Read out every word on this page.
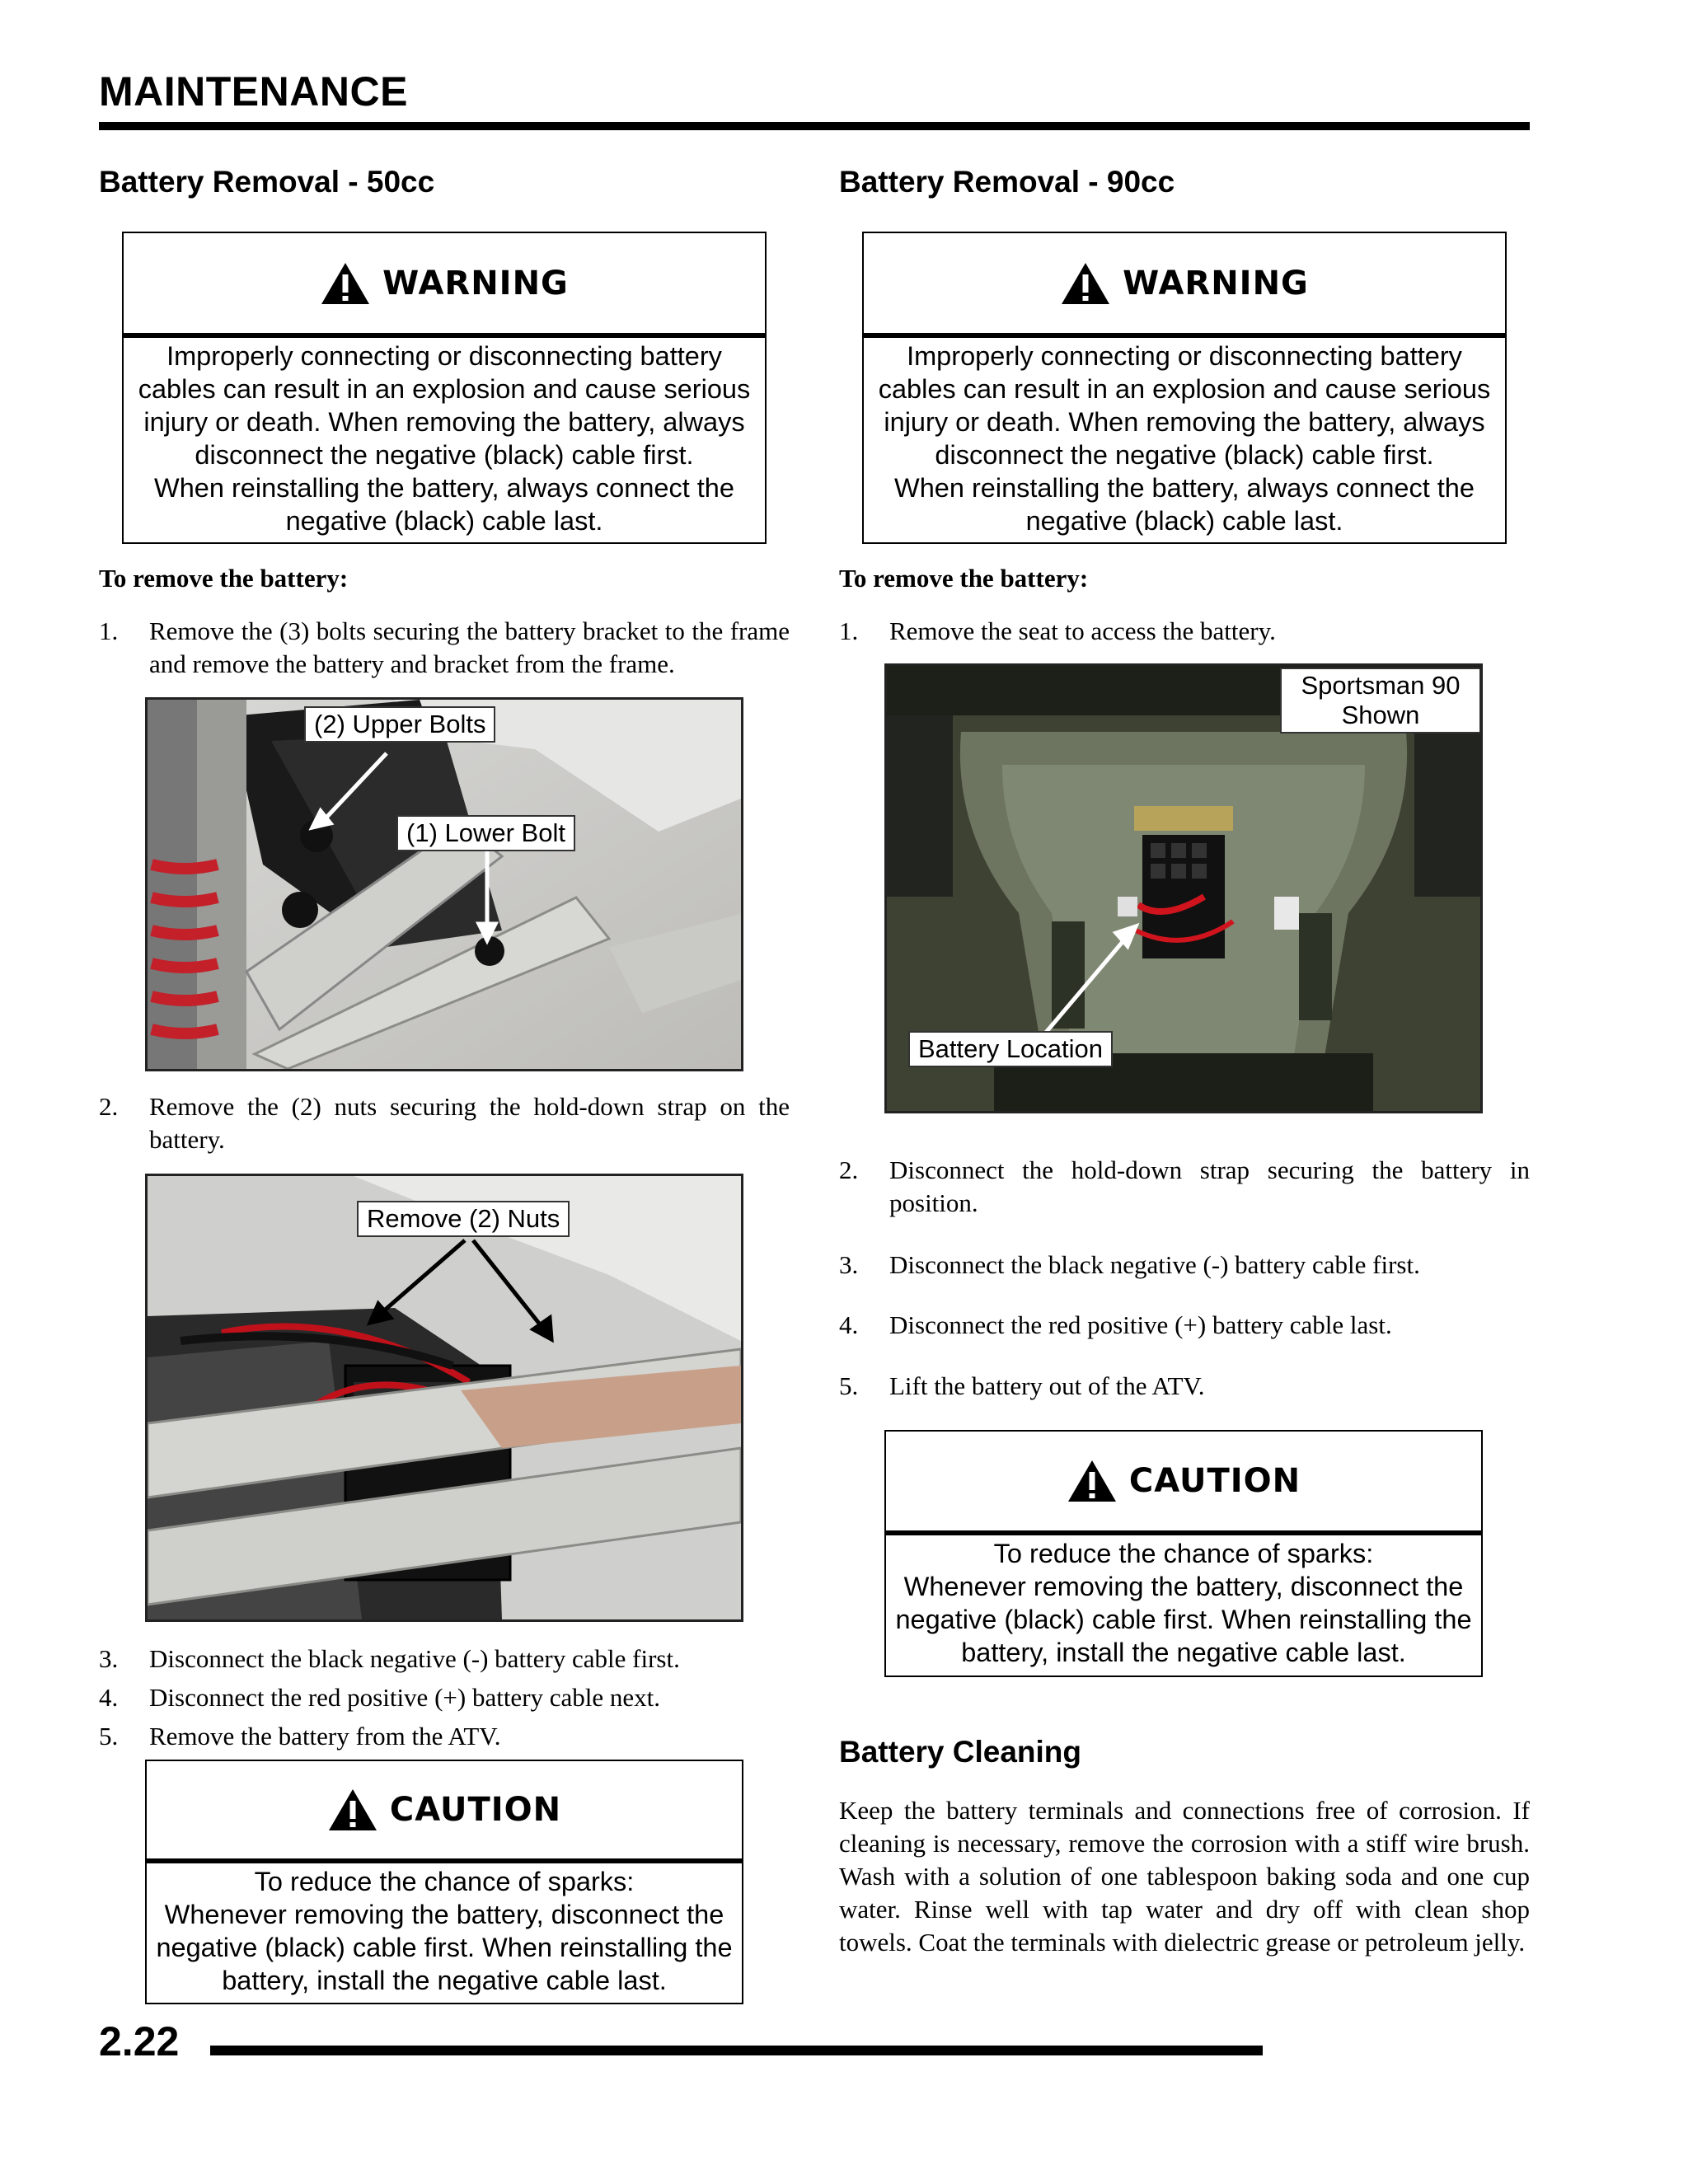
MAINTENANCE
Battery Removal - 50cc
WARNING
Improperly connecting or disconnecting battery
cables can result in an explosion and cause serious
injury or death. When removing the battery, always
disconnect the negative (black) cable first.
When reinstalling the battery, always connect the
negative (black) cable last.
To remove the battery:
1. Remove the (3) bolts securing the battery bracket to the frame and remove the battery and bracket from the frame.
(2) Upper Bolts
(1) Lower Bolt
2. Remove the (2) nuts securing the hold-down strap on the battery.
Remove (2) Nuts
3. Disconnect the black negative (-) battery cable first.
4. Disconnect the red positive (+) battery cable next.
5. Remove the battery from the ATV.
CAUTION
To reduce the chance of sparks:
Whenever removing the battery, disconnect the
negative (black) cable first. When reinstalling the
battery, install the negative cable last.
Battery Removal - 90cc
WARNING
Improperly connecting or disconnecting battery
cables can result in an explosion and cause serious
injury or death. When removing the battery, always
disconnect the negative (black) cable first.
When reinstalling the battery, always connect the
negative (black) cable last.
To remove the battery:
1. Remove the seat to access the battery.
Sportsman 90
Shown
Battery Location
2. Disconnect the hold-down strap securing the battery in position.
3. Disconnect the black negative (-) battery cable first.
4. Disconnect the red positive (+) battery cable last.
5. Lift the battery out of the ATV.
CAUTION
To reduce the chance of sparks:
Whenever removing the battery, disconnect the
negative (black) cable first. When reinstalling the
battery, install the negative cable last.
Battery Cleaning
Keep the battery terminals and connections free of corrosion. If cleaning is necessary, remove the corrosion with a stiff wire brush. Wash with a solution of one tablespoon baking soda and one cup water. Rinse well with tap water and dry off with clean shop towels. Coat the terminals with dielectric grease or petroleum jelly.
2.22
